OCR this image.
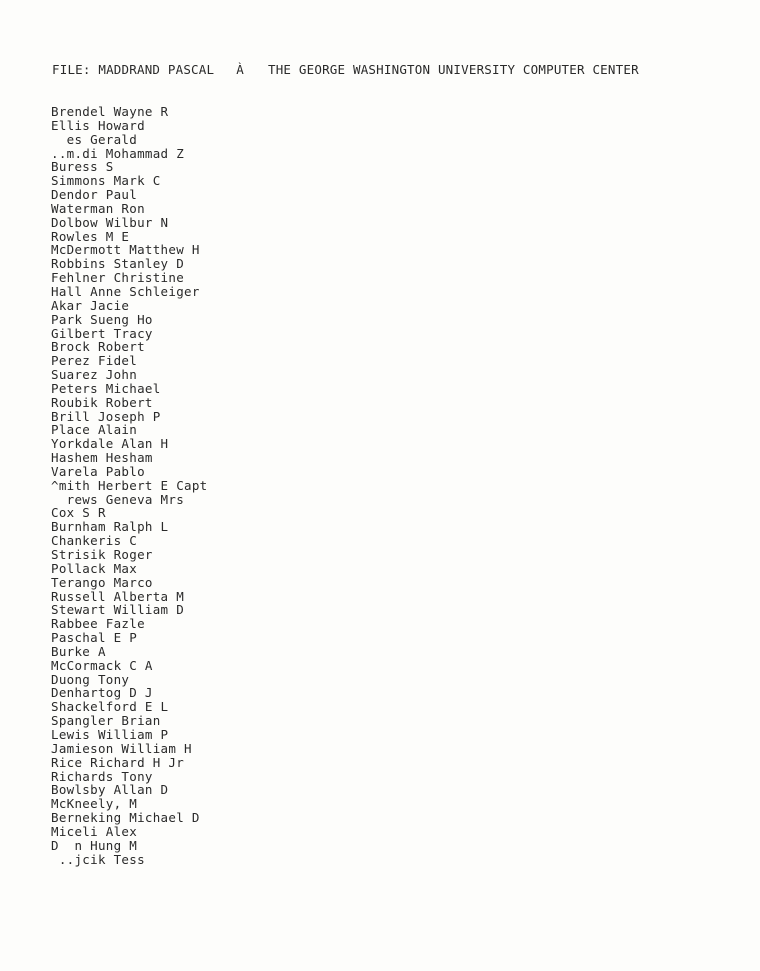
FILE: MADDRAND PASCAL À THE GEORGE WASHINGTON UNIVERSITY COMPUTER CENTER
Brendel Wayne R
Ellis Howard
es Gerald
..m.di Mohammad Z
Buress S
Simmons Mark C
Dendor Paul
Waterman Ron
Dolbow Wilbur N
Rowles M E
McDermott Matthew H
Robbins Stanley D
Fehlner Christine
Hall Anne Schleiger
Akar Jacie
Park Sueng Ho
Gilbert Tracy
Brock Robert
Perez Fidel
Suarez John
Peters Michael
Roubik Robert
Brill Joseph P
Place Alain
Yorkdale Alan H
Hashem Hesham
Varela Pablo
^mith Herbert E Capt
rews Geneva Mrs
Cox S R
Burnham Ralph L
Chankeris C
Strisik Roger
Pollack Max
Terango Marco
Russell Alberta M
Stewart William D
Rabbee Fazle
Paschal E P
Burke A
McCormack C A
Duong Tony
Denhartog D J
Shackelford E L
Spangler Brian
Lewis William P
Jamieson William H
Rice Richard H Jr
Richards Tony
Bowlsby Allan D
McKneely, M
Berneking Michael D
Miceli Alex
D  n Hung M
..jcik Tess
